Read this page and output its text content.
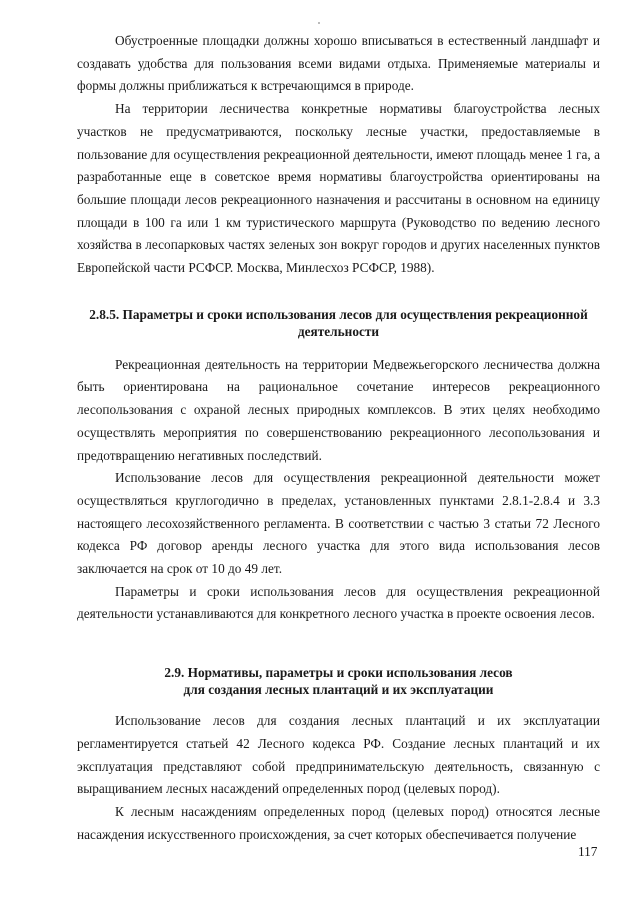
Обустроенные площадки должны хорошо вписываться в естественный ландшафт и создавать удобства для пользования всеми видами отдыха. Применяемые материалы и формы должны приближаться к встречающимся в природе.

На территории лесничества конкретные нормативы благоустройства лесных участков не предусматриваются, поскольку лесные участки, предоставляемые в пользование для осуществления рекреационной деятельности, имеют площадь менее 1 га, а разработанные еще в советское время нормативы благоустройства ориентированы на большие площади лесов рекреационного назначения и рассчитаны в основном на единицу площади в 100 га или 1 км туристического маршрута (Руководство по ведению лесного хозяйства в лесопарковых частях зеленых зон вокруг городов и других населенных пунктов Европейской части РСФСР. Москва, Минлесхоз РСФСР, 1988).

2.8.5. Параметры и сроки использования лесов для осуществления рекреационной деятельности

Рекреационная деятельность на территории Медвежьегорского лесничества должна быть ориентирована на рациональное сочетание интересов рекреационного лесопользования с охраной лесных природных комплексов. В этих целях необходимо осуществлять мероприятия по совершенствованию рекреационного лесопользования и предотвращению негативных последствий.

Использование лесов для осуществления рекреационной деятельности может осуществляться круглогодично в пределах, установленных пунктами 2.8.1-2.8.4 и 3.3 настоящего лесохозяйственного регламента. В соответствии с частью 3 статьи 72 Лесного кодекса РФ договор аренды лесного участка для этого вида использования лесов заключается на срок от 10 до 49 лет.

Параметры и сроки использования лесов для осуществления рекреационной деятельности устанавливаются для конкретного лесного участка в проекте освоения лесов.

2.9. Нормативы, параметры и сроки использования лесов
для создания лесных плантаций и их эксплуатации

Использование лесов для создания лесных плантаций и их эксплуатации регламентируется статьей 42 Лесного кодекса РФ. Создание лесных плантаций и их эксплуатация представляют собой предпринимательскую деятельность, связанную с выращиванием лесных насаждений определенных пород (целевых пород).

К лесным насаждениям определенных пород (целевых пород) относятся лесные насаждения искусственного происхождения, за счет которых обеспечивается получение

117
